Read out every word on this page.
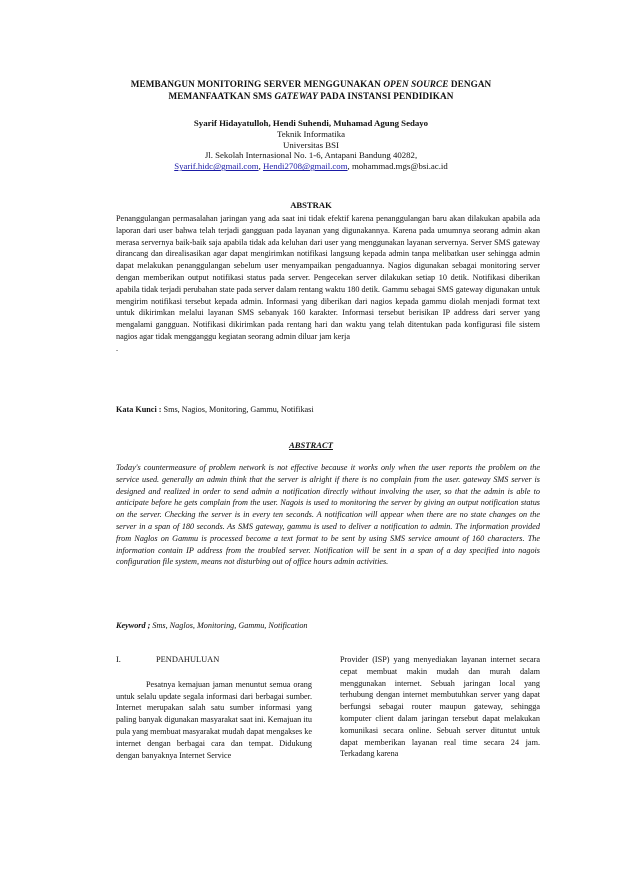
MEMBANGUN MONITORING SERVER MENGGUNAKAN OPEN SOURCE DENGAN
MEMANFAATKAN SMS GATEWAY PADA INSTANSI PENDIDIKAN
Syarif Hidayatulloh, Hendi Suhendi, Muhamad Agung Sedayo
Teknik Informatika
Universitas BSI
Jl. Sekolah Internasional No. 1-6, Antapani Bandung 40282,
Syarif.hidc@gmail.com, Hendi2708@gmail.com, mohammad.mgs@bsi.ac.id
ABSTRAK
Penanggulangan permasalahan jaringan yang ada saat ini tidak efektif karena penanggulangan baru akan dilakukan apabila ada laporan dari user bahwa telah terjadi gangguan pada layanan yang digunakannya. Karena pada umumnya seorang admin akan merasa servernya baik-baik saja apabila tidak ada keluhan dari user yang menggunakan layanan servernya. Server SMS gateway dirancang dan direalisasikan agar dapat mengirimkan notifikasi langsung kepada admin tanpa melibatkan user sehingga admin dapat melakukan penanggulangan sebelum user menyampaikan pengaduannya. Nagios digunakan sebagai monitoring server dengan memberikan output notifikasi status pada server. Pengecekan server dilakukan setiap 10 detik. Notifikasi diberikan apabila tidak terjadi perubahan state pada server dalam rentang waktu 180 detik. Gammu sebagai SMS gateway digunakan untuk mengirim notifikasi tersebut kepada admin. Informasi yang diberikan dari nagios kepada gammu diolah menjadi format text untuk dikirimkan melalui layanan SMS sebanyak 160 karakter. Informasi tersebut berisikan IP address dari server yang mengalami gangguan. Notifikasi dikirimkan pada rentang hari dan waktu yang telah ditentukan pada konfigurasi file sistem nagios agar tidak mengganggu kegiatan seorang admin diluar jam kerja
.
Kata Kunci : Sms, Nagios, Monitoring, Gammu, Notifikasi
ABSTRACT
Today's countermeasure of problem network is not effective because it works only when the user reports the problem on the service used. generally an admin think that the server is alright if there is no complain from the user. gateway SMS server is designed and realized in order to send admin a notification directly without involving the user, so that the admin is able to anticipate before he gets complain from the user. Nagois is used to monitoring the server by giving an output notification status on the server. Checking the server is in every ten seconds. A notification will appear when there are no state changes on the server in a span of 180 seconds. As SMS gateway, gammu is used to deliver a notification to admin. The information provided from Naglos on Gammu is processed become a text format to be sent by using SMS service amount of 160 characters. The information contain IP address from the troubled server. Notification will be sent in a span of a day specified into nagois configuration file system, means not disturbing out of office hours admin activities.
Keyword ; Sms, Naglos, Monitoring, Gammu, Notification
I.	PENDAHULUAN
Pesatnya kemajuan jaman menuntut semua orang untuk selalu update segala informasi dari berbagai sumber. Internet merupakan salah satu sumber informasi yang paling banyak digunakan masyarakat saat ini. Kemajuan itu pula yang membuat masyarakat mudah dapat mengakses ke internet dengan berbagai cara dan tempat. Didukung dengan banyaknya Internet Service
Provider (ISP) yang menyediakan layanan internet secara cepat membuat makin mudah dan murah dalam menggunakan internet. Sebuah jaringan local yang terhubung dengan internet membutuhkan server yang dapat berfungsi sebagai router maupun gateway, sehingga komputer client dalam jaringan tersebut dapat melakukan komunikasi secara online. Sebuah server dituntut untuk dapat memberikan layanan real time secara 24 jam. Terkadang karena
